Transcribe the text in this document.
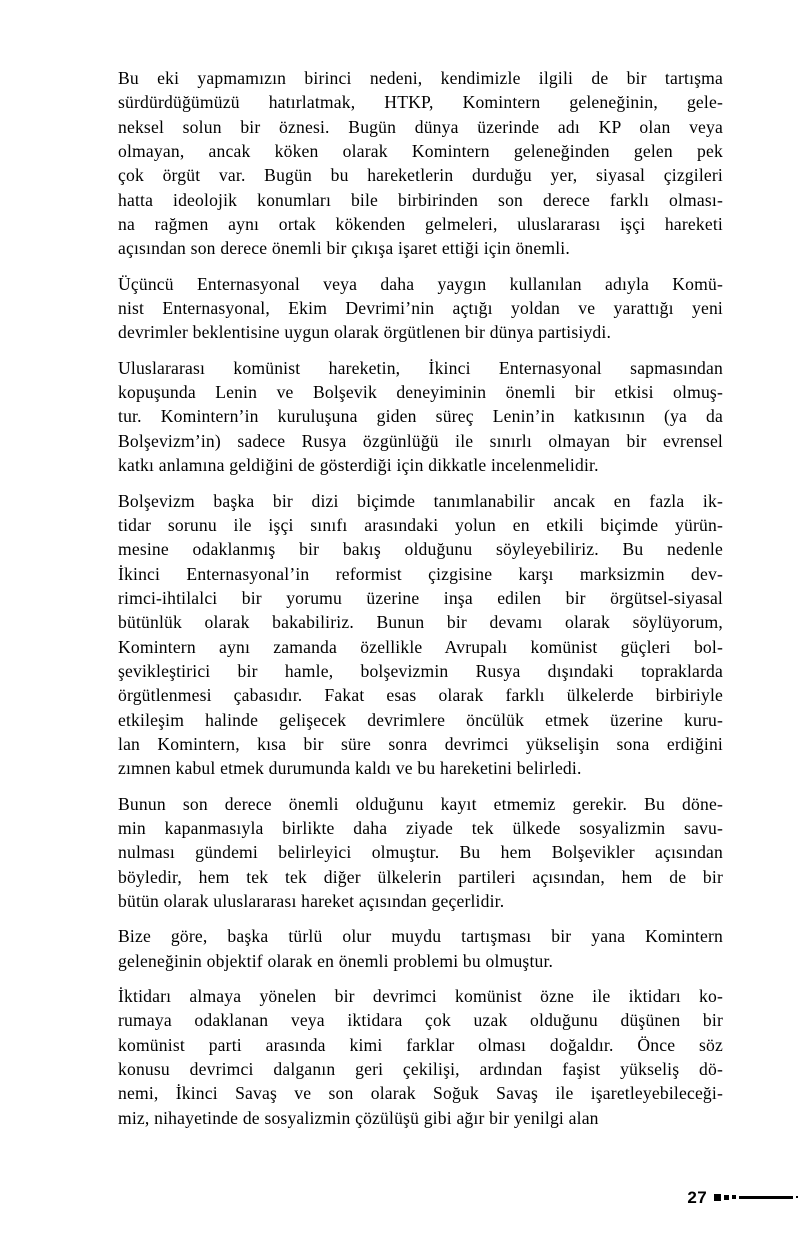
Bu eki yapmamızın birinci nedeni, kendimizle ilgili de bir tartışma
sürdürdüğümüzü hatırlatmak, HTKP, Komintern geleneğinin, gele-
neksel solun bir öznesi. Bugün dünya üzerinde adı KP olan veya
olmayan, ancak köken olarak Komintern geleneğinden gelen pek
çok örgüt var. Bugün bu hareketlerin durduğu yer, siyasal çizgileri
hatta ideolojik konumları bile birbirinden son derece farklı olması-
na rağmen aynı ortak kökenden gelmeleri, uluslararası işçi hareketi
açısından son derece önemli bir çıkışa işaret ettiği için önemli.

Üçüncü Enternasyonal veya daha yaygın kullanılan adıyla Komü-
nist Enternasyonal, Ekim Devrimi’nin açtığı yoldan ve yarattığı yeni
devrimler beklentisine uygun olarak örgütlenen bir dünya partisiydi.

Uluslararası komünist hareketin, İkinci Enternasyonal sapmasından
kopuşunda Lenin ve Bolşevik deneyiminin önemli bir etkisi olmuş-
tur. Komintern’in kuruluşuna giden süreç Lenin’in katkısının (ya da
Bolşevizm’in) sadece Rusya özgünlüğü ile sınırlı olmayan bir evrensel
katkı anlamına geldiğini de gösterdiği için dikkatle incelenmelidir.

Bolşevizm başka bir dizi biçimde tanımlanabilir ancak en fazla ik-
tidar sorunu ile işçi sınıfı arasındaki yolun en etkili biçimde yürün-
mesine odaklanmış bir bakış olduğunu söyleyebiliriz. Bu nedenle
İkinci Enternasyonal’in reformist çizgisine karşı marksizmin dev-
rimci-ihtilalci bir yorumu üzerine inşa edilen bir örgütsel-siyasal
bütünlük olarak bakabiliriz. Bunun bir devamı olarak söylüyorum,
Komintern aynı zamanda özellikle Avrupalı komünist güçleri bol-
şevikleştirici bir hamle, bolşevizmin Rusya dışındaki topraklarda
örgütlenmesi çabasıdır. Fakat esas olarak farklı ülkelerde birbiriyle
etkileşim halinde gelişecek devrimlere öncülük etmek üzerine kuru-
lan Komintern, kısa bir süre sonra devrimci yükselişin sona erdiğini
zımnen kabul etmek durumunda kaldı ve bu hareketini belirledi.

Bunun son derece önemli olduğunu kayıt etmemiz gerekir. Bu döne-
min kapanmasıyla birlikte daha ziyade tek ülkede sosyalizmin savu-
nulması gündemi belirleyici olmuştur. Bu hem Bolşevikler açısından
böyledir, hem tek tek diğer ülkelerin partileri açısından, hem de bir
bütün olarak uluslararası hareket açısından geçerlidir.

Bize göre, başka türlü olur muydu tartışması bir yana Komintern
geleneğinin objektif olarak en önemli problemi bu olmuştur.

İktidarı almaya yönelen bir devrimci komünist özne ile iktidarı ko-
rumaya odaklanan veya iktidara çok uzak olduğunu düşünen bir
komünist parti arasında kimi farklar olması doğaldır. Önce söz
konusu devrimci dalganın geri çekilişi, ardından faşist yükseliş dö-
nemi, İkinci Savaş ve son olarak Soğuk Savaş ile işaretleyebileceği-
miz, nihayetinde de sosyalizmin çözülüşü gibi ağır bir yenilgi alan

27
